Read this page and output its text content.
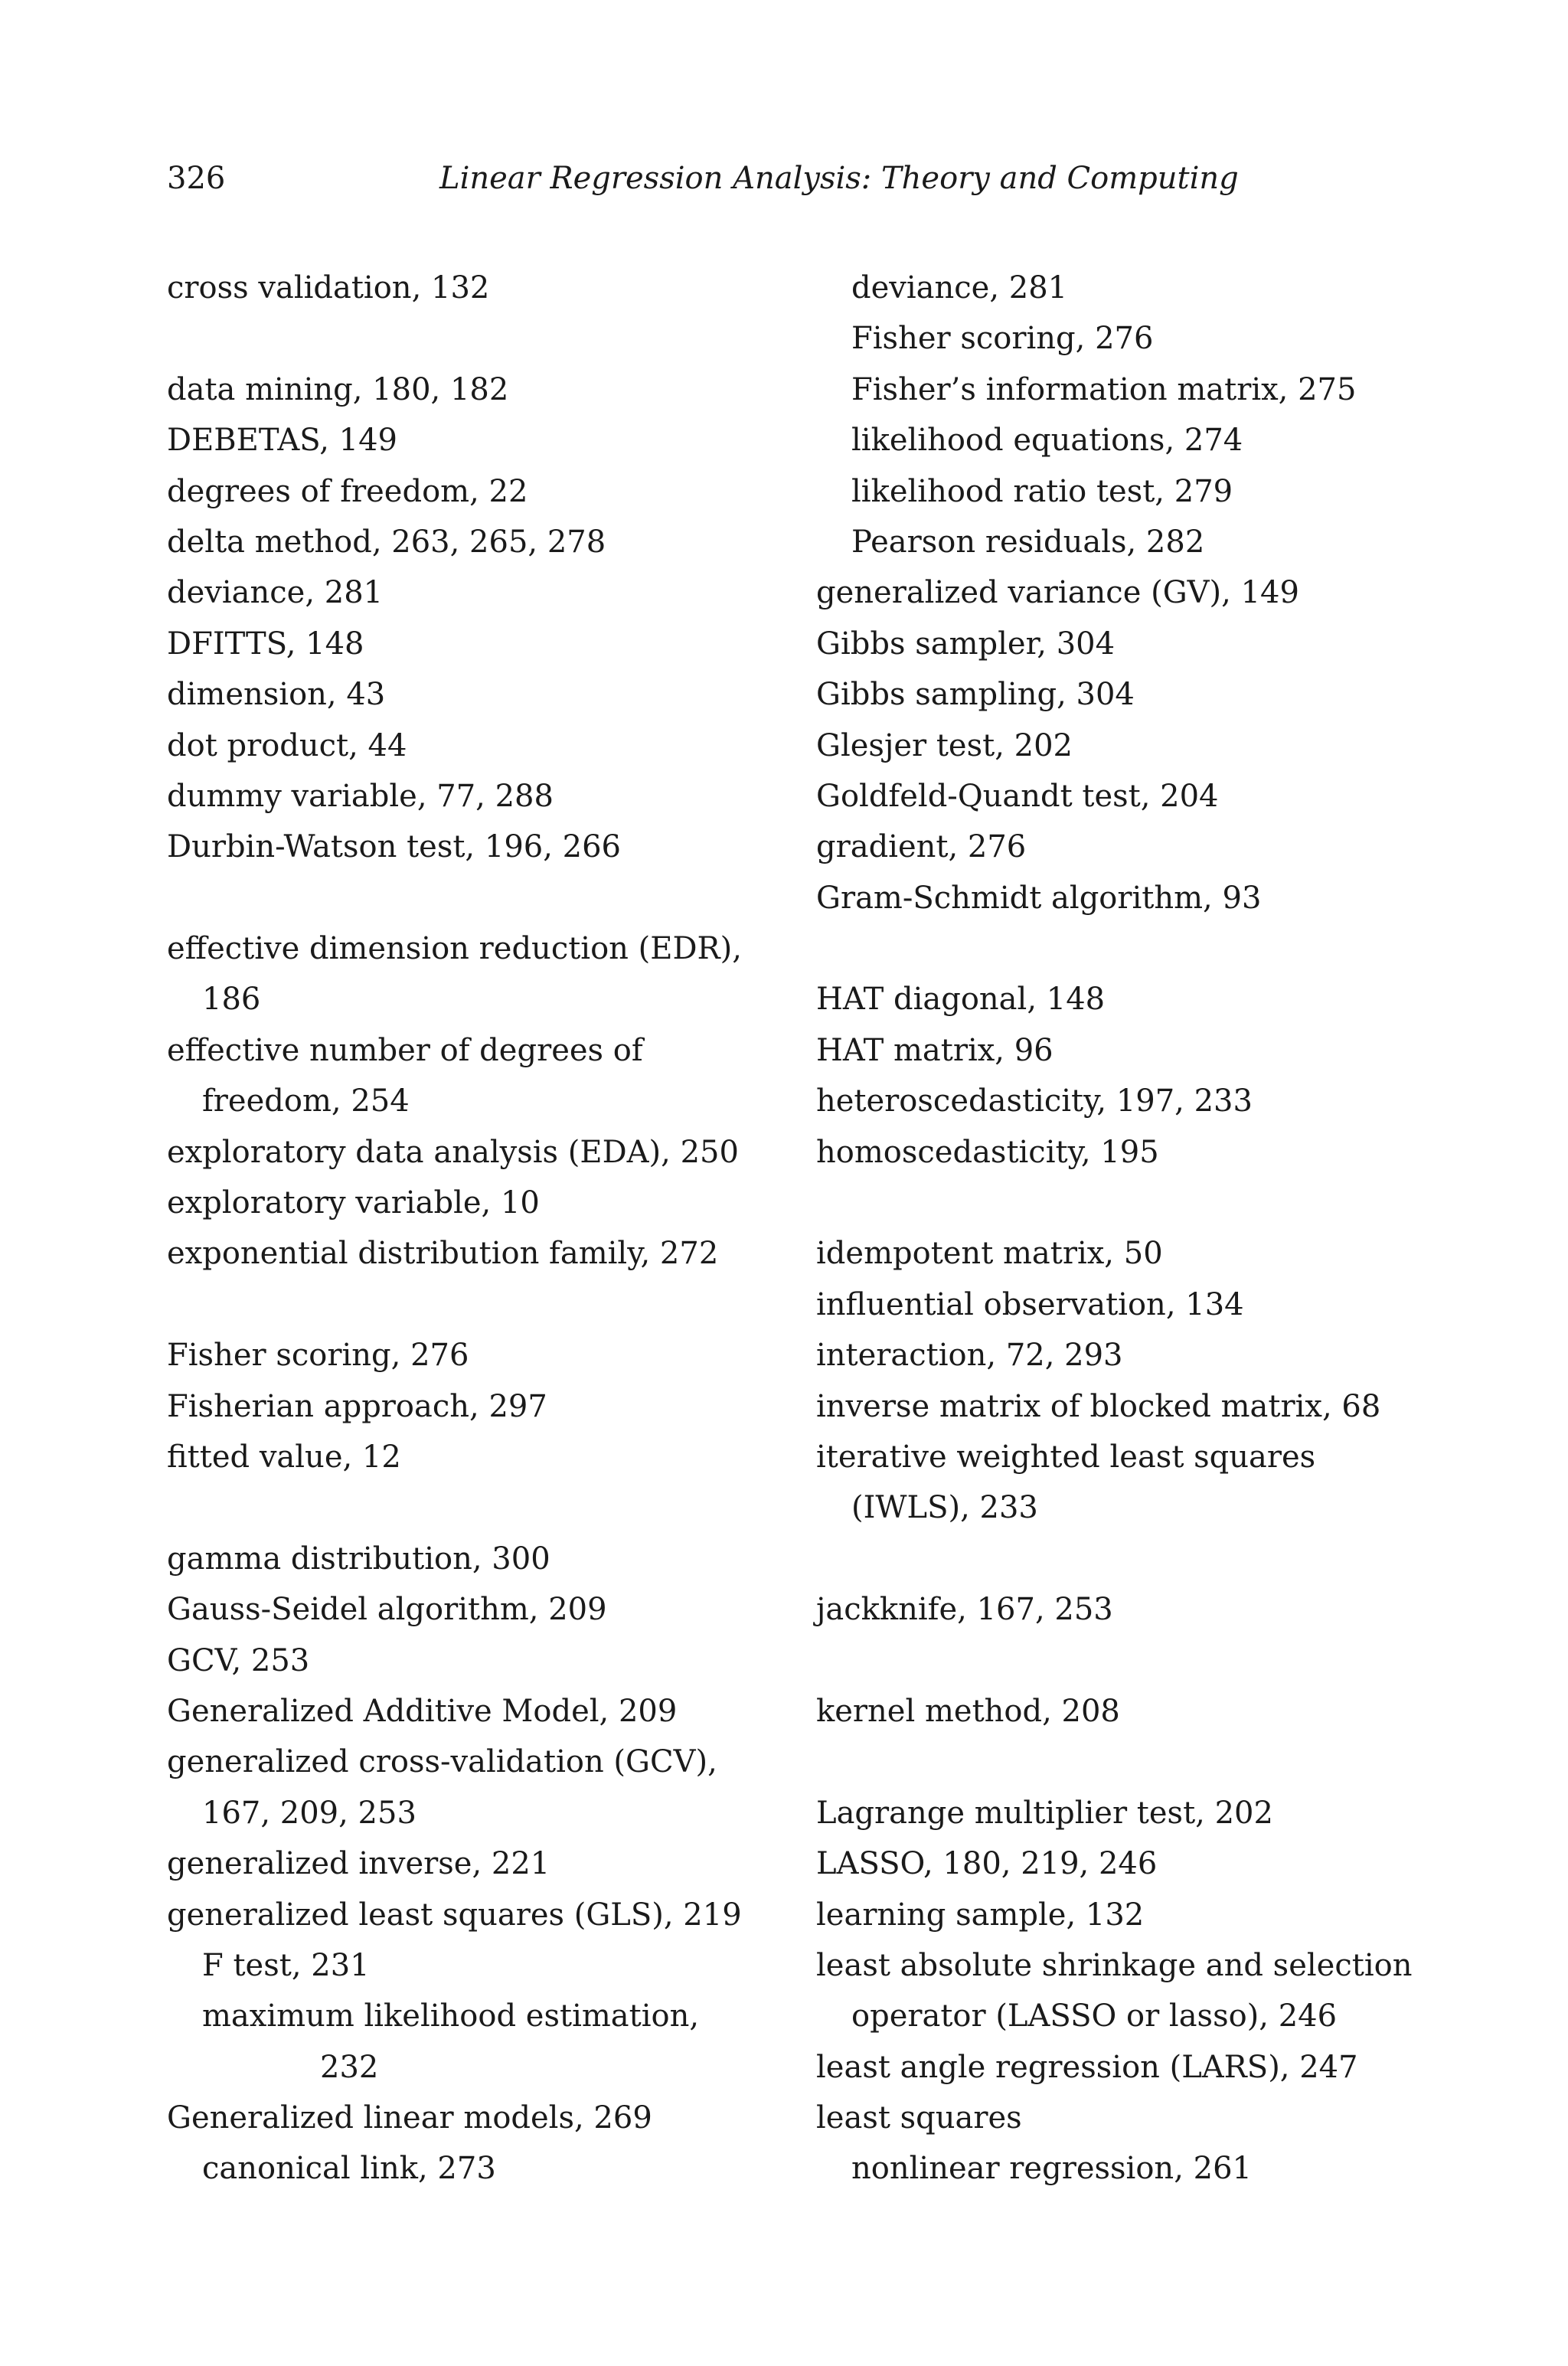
326	Linear Regression Analysis: Theory and Computing
cross validation, 132
data mining, 180, 182
DEBETAS, 149
degrees of freedom, 22
delta method, 263, 265, 278
deviance, 281
DFITTS, 148
dimension, 43
dot product, 44
dummy variable, 77, 288
Durbin-Watson test, 196, 266
effective dimension reduction (EDR),
186
effective number of degrees of
freedom, 254
exploratory data analysis (EDA), 250
exploratory variable, 10
exponential distribution family, 272
Fisher scoring, 276
Fisherian approach, 297
fitted value, 12
gamma distribution, 300
Gauss-Seidel algorithm, 209
GCV, 253
Generalized Additive Model, 209
generalized cross-validation (GCV),
167, 209, 253
generalized inverse, 221
generalized least squares (GLS), 219
F test, 231
maximum likelihood estimation,
232
Generalized linear models, 269
canonical link, 273
deviance, 281
Fisher scoring, 276
Fisher’s information matrix, 275
likelihood equations, 274
likelihood ratio test, 279
Pearson residuals, 282
generalized variance (GV), 149
Gibbs sampler, 304
Gibbs sampling, 304
Glesjer test, 202
Goldfeld-Quandt test, 204
gradient, 276
Gram-Schmidt algorithm, 93
HAT diagonal, 148
HAT matrix, 96
heteroscedasticity, 197, 233
homoscedasticity, 195
idempotent matrix, 50
influential observation, 134
interaction, 72, 293
inverse matrix of blocked matrix, 68
iterative weighted least squares
(IWLS), 233
jackknife, 167, 253
kernel method, 208
Lagrange multiplier test, 202
LASSO, 180, 219, 246
learning sample, 132
least absolute shrinkage and selection
operator (LASSO or lasso), 246
least angle regression (LARS), 247
least squares
nonlinear regression, 261
